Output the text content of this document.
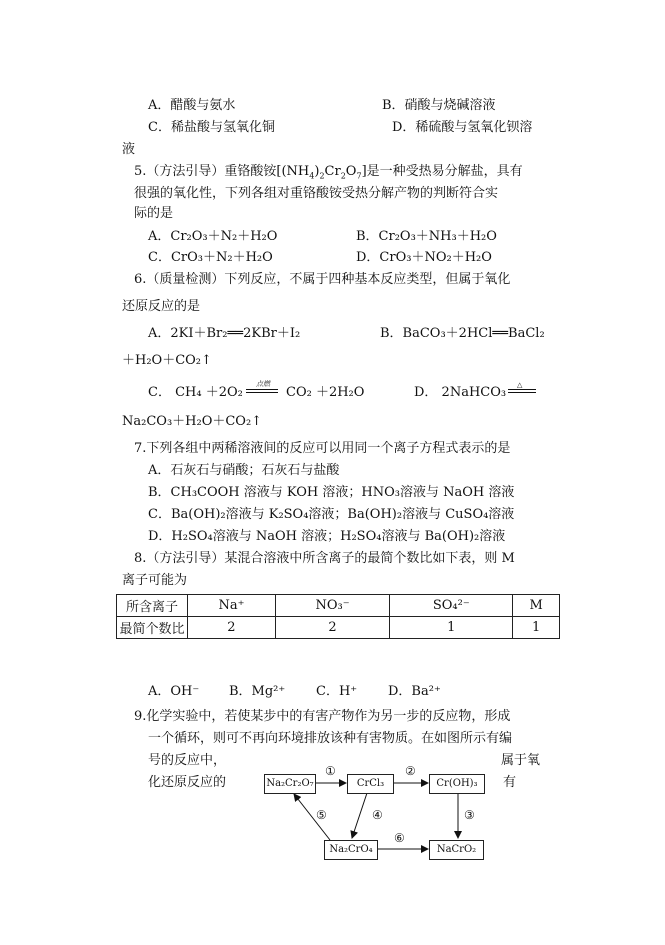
A．醋酸与氨水	B．硝酸与烧碱溶液
C．稀盐酸与氢氧化铜	D．稀硫酸与氢氧化钡溶
液
5.（方法引导）重铬酸铵$[(NH_4)_2Cr_2O_7]$是一种受热易分解盐，具有
很强的氧化性，下列各组对重铬酸铵受热分解产物的判断符合实
际的是
A．Cr₂O₃＋N₂＋H₂O	B．Cr₂O₃＋NH₃＋H₂O
C．CrO₃＋N₂＋H₂O	D．CrO₃＋NO₂＋H₂O
6.（质量检测）下列反应，不属于四种基本反应类型，但属于氧化
还原反应的是
A．2KI＋Br₂══2KBr＋I₂	B．BaCO₃＋2HCl══BaCl₂
＋H₂O＋CO₂↑
C． CH₄ ＋2O₂
点燃
CO₂ ＋2H₂O	D． 2NaHCO₃ △
Na₂CO₃＋H₂O＋CO₂↑
7.下列各组中两稀溶液间的反应可以用同一个离子方程式表示的是
A．石灰石与硝酸；石灰石与盐酸
B．CH₃COOH 溶液与 KOH 溶液；HNO₃溶液与 NaOH 溶液
C．Ba(OH)₂溶液与 K₂SO₄溶液；Ba(OH)₂溶液与 CuSO₄溶液
D．H₂SO₄溶液与 NaOH 溶液；H₂SO₄溶液与 Ba(OH)₂溶液
8.（方法引导）某混合溶液中所含离子的最简个数比如下表，则 M
离子可能为
所含离子	Na⁺	NO₃⁻	SO₄²⁻	M
最简个数比	2	2	1	1
A．OH⁻ B．Mg²⁺ C．H⁺ D．Ba²⁺
9.化学实验中，若使某步中的有害产物作为另一步的反应物，形成
一个循环，则可不再向环境排放该种有害物质。在如图所示有编
号的反应中，	属于氧
化还原反应的	有
Na₂Cr₂O₇	CrCl₃	Cr(OH)₃
Na₂CrO₄	NaCrO₂
①	②
③
④
⑤
⑥
